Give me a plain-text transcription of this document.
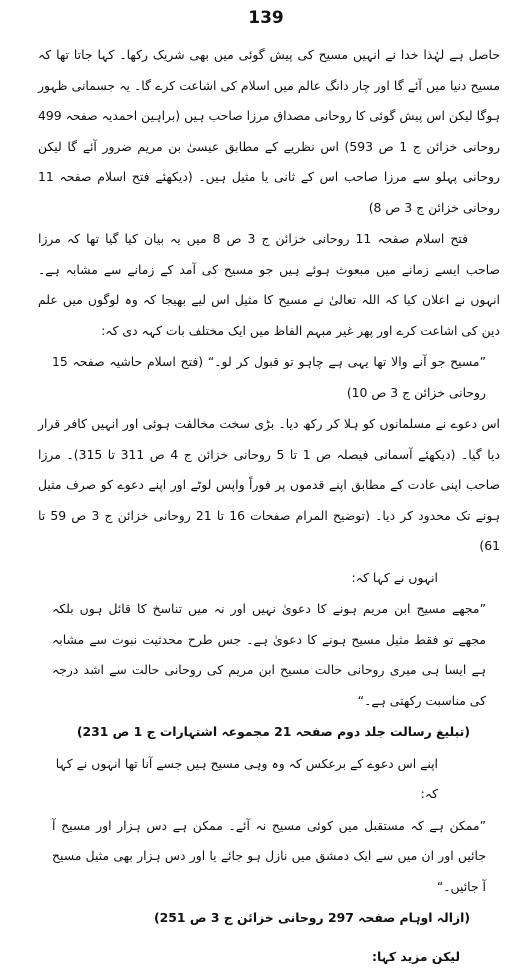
139

حاصل ہے لہٰذا خدا نے انہیں مسیح کی پیش گوئی میں بھی شریک رکھا۔ کہا جاتا تھا کہ مسیح دنیا میں آئے گا اور چار دانگ عالم میں اسلام کی اشاعت کرے گا۔ یہ جسمانی ظہور ہوگا لیکن اس پیش گوئی کا روحانی مصداق مرزا صاحب ہیں (براہین احمدیہ صفحہ 499 روحانی خزائن ج 1 ص 593) اس نظریے کے مطابق عیسیٰ بن مریم ضرور آئے گا لیکن روحانی پہلو سے مرزا صاحب اس کے ثانی یا مثیل ہیں۔ (دیکھئے فتح اسلام صفحہ 11 روحانی خزائن ج 3 ص 8)

فتح اسلام صفحہ 11 روحانی خزائن ج 3 ص 8 میں یہ بیان کیا گیا تھا کہ مرزا صاحب ایسے زمانے میں مبعوث ہوئے ہیں جو مسیح کی آمد کے زمانے سے مشابہ ہے۔ انہوں نے اعلان کیا کہ اللہ تعالیٰ نے مسیح کا مثیل اس لیے بھیجا کہ وہ لوگوں میں علم دین کی اشاعت کرے اور پھر غیر مبہم الفاظ میں ایک مختلف بات کہہ دی کہ:

”مسیح جو آنے والا تھا یہی ہے چاہو تو قبول کر لو۔“ (فتح اسلام حاشیہ صفحہ 15 روحانی خزائن ج 3 ص 10)

اس دعوے نے مسلمانوں کو ہلا کر رکھ دیا۔ بڑی سخت مخالفت ہوئی اور انہیں کافر قرار دیا گیا۔ (دیکھئے آسمانی فیصلہ ص 1 تا 5 روحانی خزائن ج 4 ص 311 تا 315)۔ مرزا صاحب اپنی عادت کے مطابق اپنے قدموں پر فوراً واپس لوٹے اور اپنے دعوے کو صرف مثیل ہونے تک محدود کر دیا۔ (توضیح المرام صفحات 16 تا 21 روحانی خزائن ج 3 ص 59 تا 61)

انہوں نے کہا کہ:

”مجھے مسیح ابن مریم ہونے کا دعویٰ نہیں اور نہ میں تناسخ کا قائل ہوں بلکہ مجھے تو فقط مثیل مسیح ہونے کا دعویٰ ہے۔ جس طرح محدثیت نبوت سے مشابہ ہے ایسا ہی میری روحانی حالت مسیح ابن مریم کی روحانی حالت سے اشد درجہ کی مناسبت رکھتی ہے۔“

(تبلیغ رسالت جلد دوم صفحہ 21 مجموعہ اشتہارات ج 1 ص 231)

اپنے اس دعوے کے برعکس کہ وہ وہی مسیح ہیں جسے آنا تھا انہوں نے کہا کہ:

”ممکن ہے کہ مستقبل میں کوئی مسیح نہ آئے۔ ممکن ہے دس ہزار اور مسیح آ جائیں اور ان میں سے ایک دمشق میں نازل ہو جائے یا اور دس ہزار بھی مثیل مسیح آ جائیں۔“

(ازالہ اوہام صفحہ 297 روحانی خزائن ج 3 ص 251)

لیکن مزید کہا:
